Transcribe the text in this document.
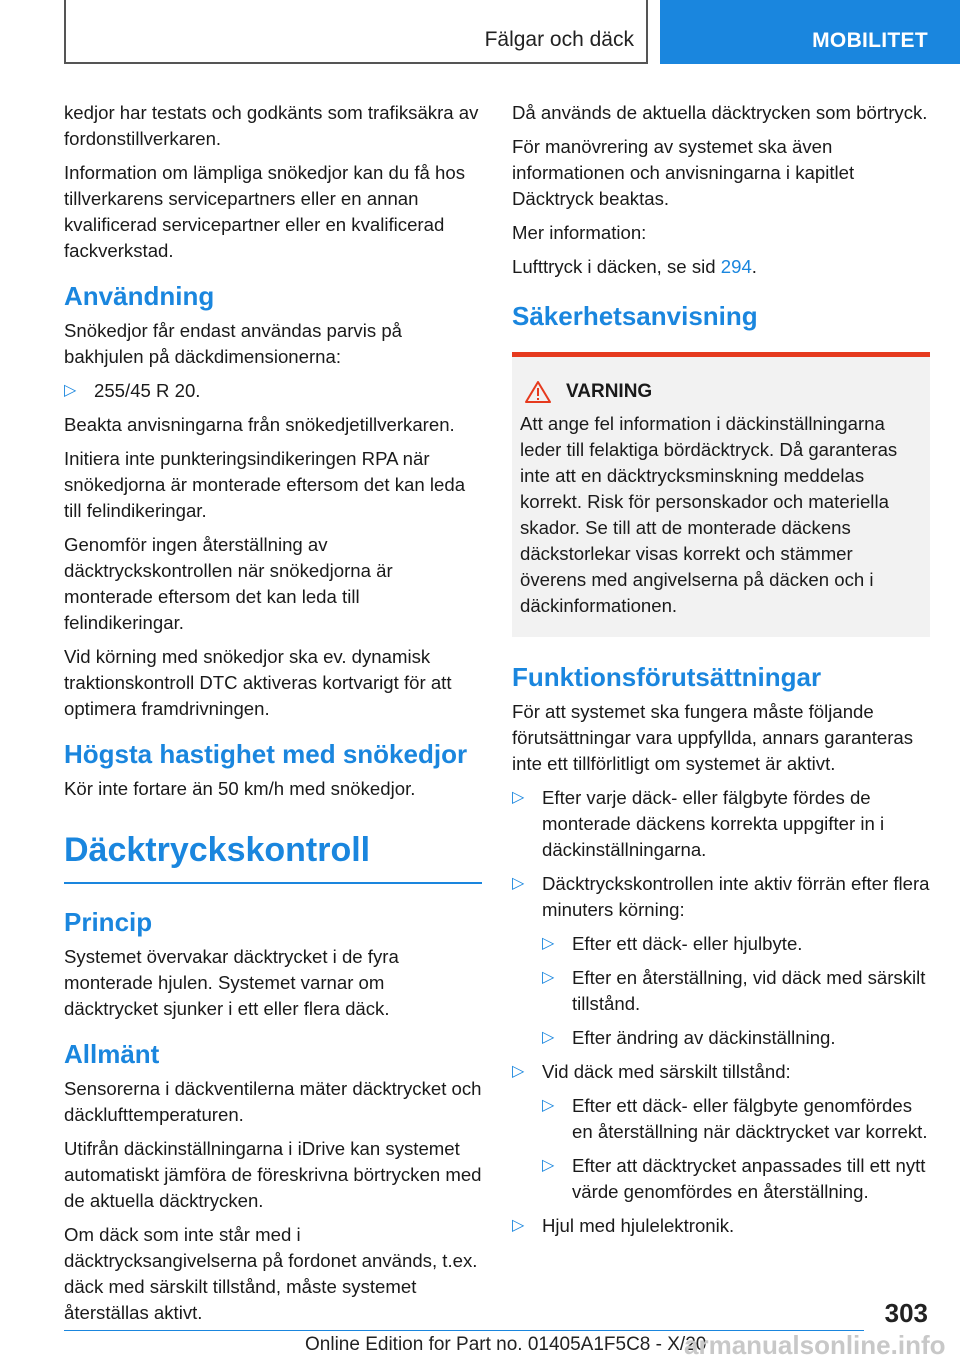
Fälgar och däck	MOBILITET

kedjor har testats och godkänts som trafiksäkra av fordonstillverkaren.

Information om lämpliga snökedjor kan du få hos tillverkarens servicepartners eller en annan kvalificerad servicepartner eller en kvalificerad fackverkstad.

Användning

Snökedjor får endast användas parvis på bakhjulen på däckdimensionerna:

▷ 255/45 R 20.

Beakta anvisningarna från snökedjetillverkaren.

Initiera inte punkteringsindikeringen RPA när snökedjorna är monterade eftersom det kan leda till felindikeringar.

Genomför ingen återställning av däcktryckskontrollen när snökedjorna är monterade eftersom det kan leda till felindikeringar.

Vid körning med snökedjor ska ev. dynamisk traktionskontroll DTC aktiveras kortvarigt för att optimera framdrivningen.

Högsta hastighet med snökedjor

Kör inte fortare än 50 km/h med snökedjor.

Däcktryckskontroll
Princip

Systemet övervakar däcktrycket i de fyra monterade hjulen. Systemet varnar om däcktrycket sjunker i ett eller flera däck.

Allmänt

Sensorerna i däckventilerna mäter däcktrycket och däcklufttemperaturen.

Utifrån däckinställningarna i iDrive kan systemet automatiskt jämföra de föreskrivna börtrycken med de aktuella däcktrycken.

Om däck som inte står med i däcktrycksangivelserna på fordonet används, t.ex. däck med särskilt tillstånd, måste systemet återställas aktivt.

Då används de aktuella däcktrycken som börtryck.

För manövrering av systemet ska även informationen och anvisningarna i kapitlet Däcktryck beaktas.

Mer information:

Lufttryck i däcken, se sid 294.

Säkerhetsanvisning
VARNING

Att ange fel information i däckinställningarna leder till felaktiga bördäcktryck. Då garanteras inte att en däcktrycksminskning meddelas korrekt. Risk för personskador och materiella skador. Se till att de monterade däckens däckstorlekar visas korrekt och stämmer överens med angivelserna på däcken och i däckinformationen.

Funktionsförutsättningar

För att systemet ska fungera måste följande förutsättningar vara uppfyllda, annars garanteras inte ett tillförlitligt om systemet är aktivt.

▷ Efter varje däck- eller fälgbyte fördes de monterade däckens korrekta uppgifter in i däckinställningarna.
▷ Däcktryckskontrollen inte aktiv förrän efter flera minuters körning:
▷ Efter ett däck- eller hjulbyte.
▷ Efter en återställning, vid däck med särskilt tillstånd.
▷ Efter ändring av däckinställning.
▷ Vid däck med särskilt tillstånd:
▷ Efter ett däck- eller fälgbyte genomfördes en återställning när däcktrycket var korrekt.
▷ Efter att däcktrycket anpassades till ett nytt värde genomfördes en återställning.
▷ Hjul med hjulelektronik.
303
Online Edition for Part no. 01405A1F5C8 - X/20
armanualsonline.info
